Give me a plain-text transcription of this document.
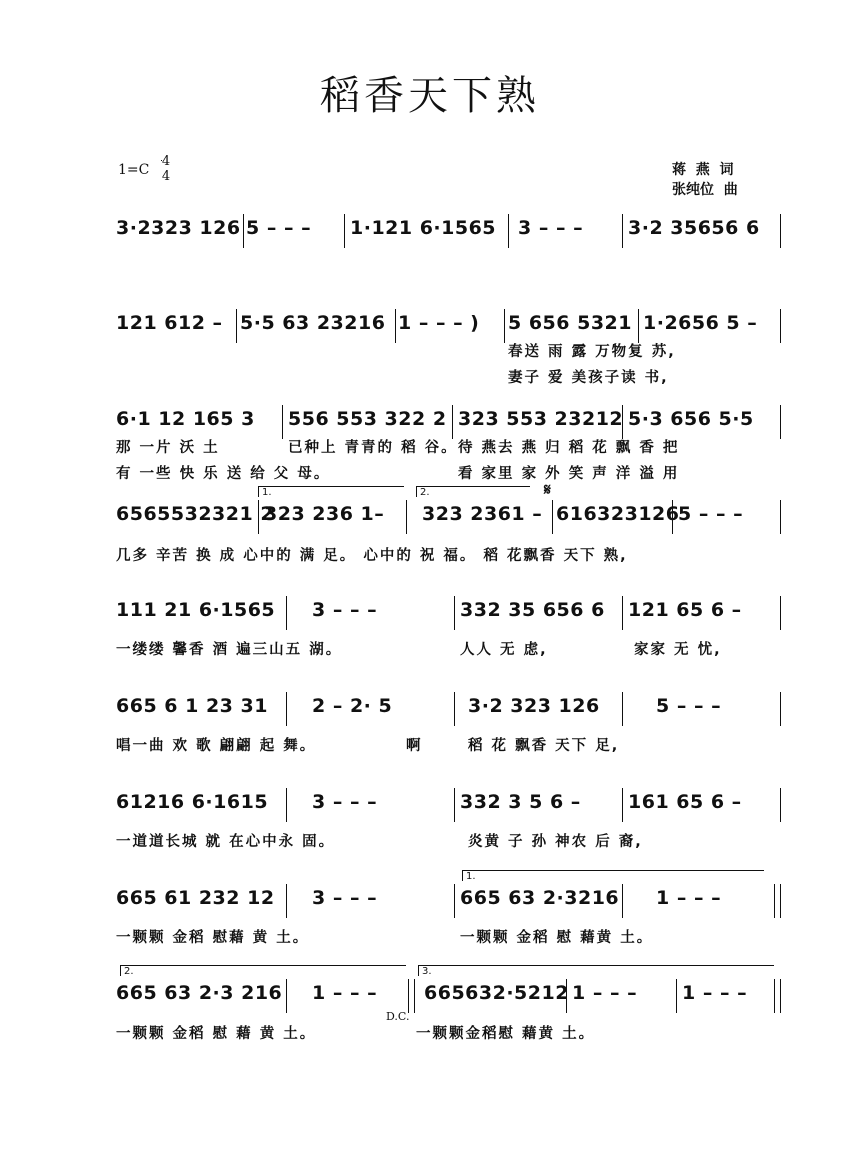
稻香天下熟
1=C
4
4	蒋  燕  词
张纯位  曲
3·2323 126 5 – – – 1·121 6·1565 3 – – – 3·2 35656 6
121 612 – 5·5 63 23216 1 – – – ) 5 656 5321 1·2656 5 –
6·1 12 165 3 556 553 322 2 323 553 23212 5·3 656 5·5
6565532321 2
323 236 1– 323 2361 – 616323126
5 – – –
111 21 6·1565 3 – – –	332 35 656 6 121 65 6 –
665 6 1 23 31 2 – 2· 5	3·2 323 126	5 – – –
61216 6·1615 3 – – –	332 3 5 6 – 161 65 6 –
665 61 232 12 3 – – –	665 63 2·3216 1 – – –
665 63 2·3 216 1 – – – 665632·5212 1 – – – 1 – – –
春送 雨 露 万物复 苏,
妻子 爱 美孩子读 书,
那 一片 沃 土	已种上 青青的 稻 谷。 待 燕去 燕 归 稻 花 飘 香 把
有 一些 快 乐 送 给 父 母。	看 家里 家 外 笑 声 洋 溢 用
几多 辛苦 换 成 心中的 满 足。 心中的 祝 福。 稻 花飘香 天下 熟,
一缕缕 馨香 酒 遍三山五 湖。	人人 无 虑,	家家 无 忧,
唱一曲 欢 歌 翩翩 起 舞。	啊	稻 花 飘香 天下 足,
一道道长城 就 在心中永 固。	炎黄 子 孙 神农 后 裔,
一颗颗 金稻 慰藉 黄 土。	一颗颗 金稻 慰 藉黄 土。
一颗颗 金稻 慰 藉 黄 土。	一颗颗金稻慰 藉黄 土。
1.	2.
1.
2.	3.
D.C.
𝄋
